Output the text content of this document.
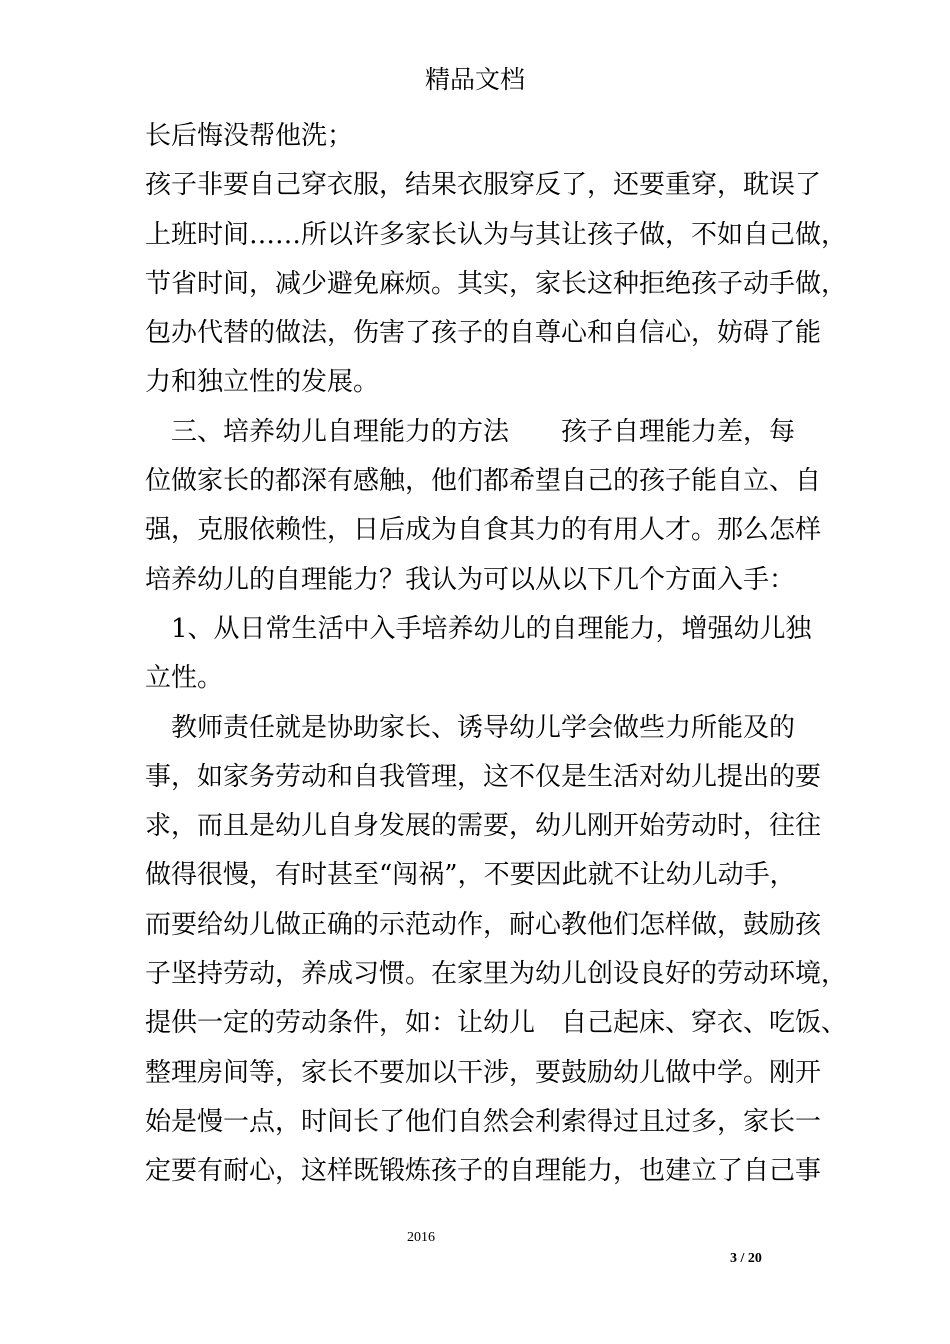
精品文档
长后悔没帮他洗；
孩子非要自己穿衣服，结果衣服穿反了，还要重穿，耽误了
上班时间……所以许多家长认为与其让孩子做，不如自己做，
节省时间，减少避免麻烦。其实，家长这种拒绝孩子动手做，
包办代替的做法，伤害了孩子的自尊心和自信心，妨碍了能
力和独立性的发展。
　三、培养幼儿自理能力的方法　　孩子自理能力差，每
位做家长的都深有感触，他们都希望自己的孩子能自立、自
强，克服依赖性，日后成为自食其力的有用人才。那么怎样
培养幼儿的自理能力？我认为可以从以下几个方面入手：
　1、从日常生活中入手培养幼儿的自理能力，增强幼儿独
立性。
　教师责任就是协助家长、诱导幼儿学会做些力所能及的
事，如家务劳动和自我管理，这不仅是生活对幼儿提出的要
求，而且是幼儿自身发展的需要，幼儿刚开始劳动时，往往
做得很慢，有时甚至“闯祸”，不要因此就不让幼儿动手，
而要给幼儿做正确的示范动作，耐心教他们怎样做，鼓励孩
子坚持劳动，养成习惯。在家里为幼儿创设良好的劳动环境，
提供一定的劳动条件，如：让幼儿　自己起床、穿衣、吃饭、
整理房间等，家长不要加以干涉，要鼓励幼儿做中学。刚开
始是慢一点，时间长了他们自然会利索得过且过多，家长一
定要有耐心，这样既锻炼孩子的自理能力，也建立了自己事
2016
3 / 20
